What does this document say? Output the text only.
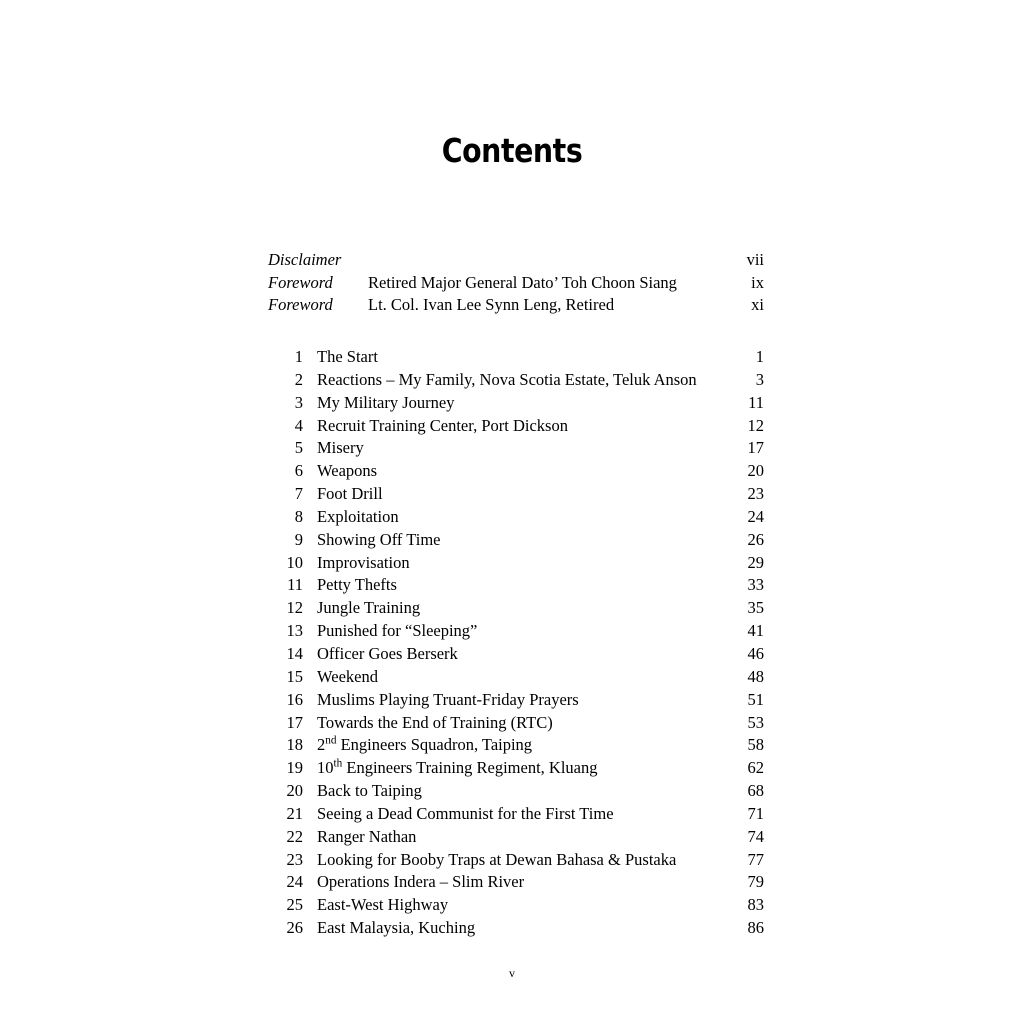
Contents
Disclaimer	vii
Foreword	Retired Major General Dato’ Toh Choon Siang	ix
Foreword	Lt. Col. Ivan Lee Synn Leng, Retired	xi
1 The Start	1
2 Reactions – My Family, Nova Scotia Estate, Teluk Anson	3
3 My Military Journey	11
4 Recruit Training Center, Port Dickson	12
5 Misery	17
6 Weapons	20
7 Foot Drill	23
8 Exploitation	24
9 Showing Off Time	26
10 Improvisation	29
11 Petty Thefts	33
12 Jungle Training	35
13 Punished for “Sleeping”	41
14 Officer Goes Berserk	46
15 Weekend	48
16 Muslims Playing Truant-Friday Prayers	51
17 Towards the End of Training (RTC)	53
18 2nd Engineers Squadron, Taiping	58
19 10th Engineers Training Regiment, Kluang	62
20 Back to Taiping	68
21 Seeing a Dead Communist for the First Time	71
22 Ranger Nathan	74
23 Looking for Booby Traps at Dewan Bahasa & Pustaka	77
24 Operations Indera – Slim River	79
25 East-West Highway	83
26 East Malaysia, Kuching	86
v
